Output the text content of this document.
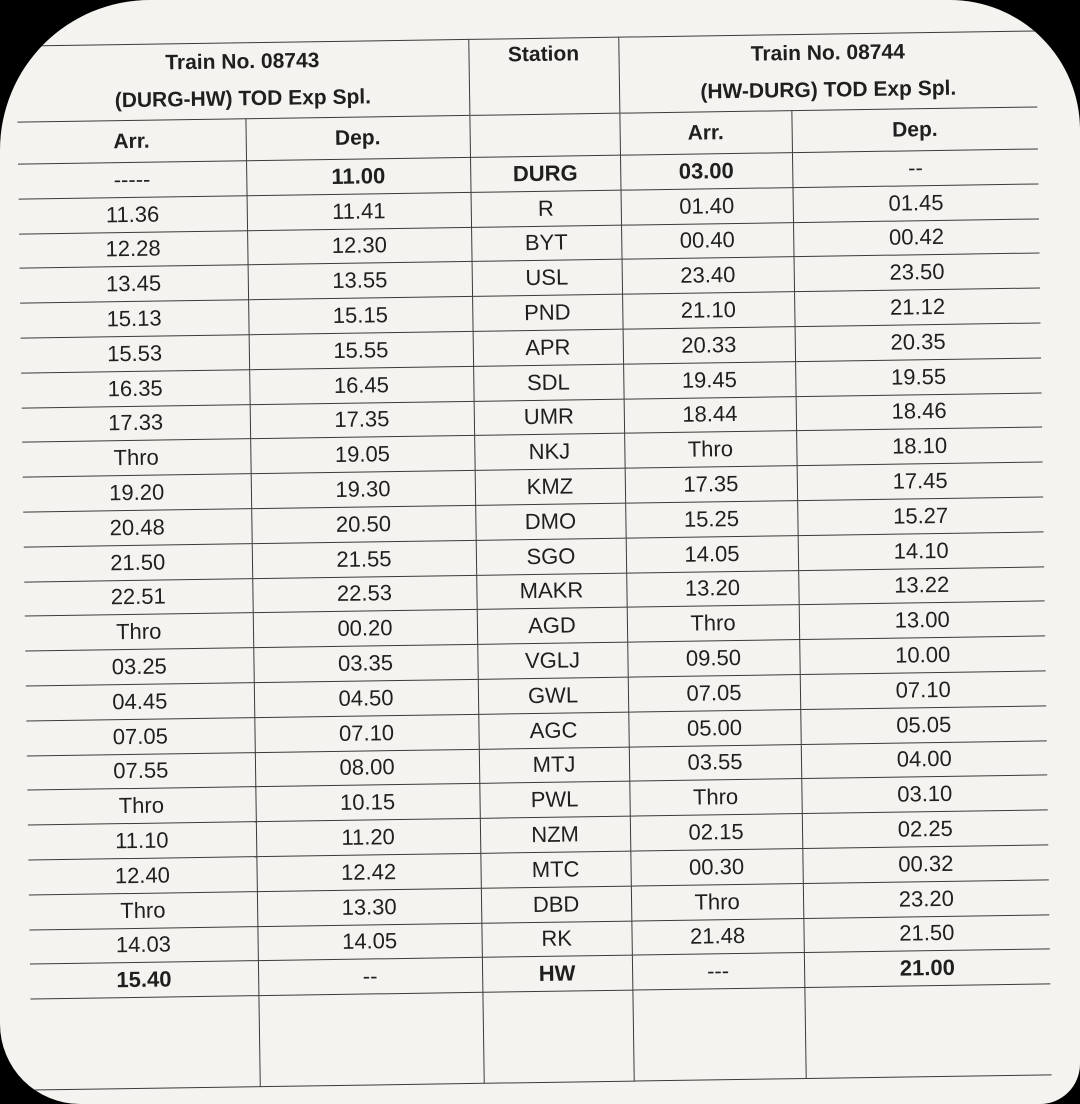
Train No. 08743		Station	Train No. 08744	
(DURG-HW) TOD Exp Spl.			(HW-DURG) TOD Exp Spl.	
Arr.	Dep.		Arr.	Dep.
-----	11.00	DURG	03.00	--
11.36	11.41	R	01.40	01.45
12.28	12.30	BYT	00.40	00.42
13.45	13.55	USL	23.40	23.50
15.13	15.15	PND	21.10	21.12
15.53	15.55	APR	20.33	20.35
16.35	16.45	SDL	19.45	19.55
17.33	17.35	UMR	18.44	18.46
Thro	19.05	NKJ	Thro	18.10
19.20	19.30	KMZ	17.35	17.45
20.48	20.50	DMO	15.25	15.27
21.50	21.55	SGO	14.05	14.10
22.51	22.53	MAKR	13.20	13.22
Thro	00.20	AGD	Thro	13.00
03.25	03.35	VGLJ	09.50	10.00
04.45	04.50	GWL	07.05	07.10
07.05	07.10	AGC	05.00	05.05
07.55	08.00	MTJ	03.55	04.00
Thro	10.15	PWL	Thro	03.10
11.10	11.20	NZM	02.15	02.25
12.40	12.42	MTC	00.30	00.32
Thro	13.30	DBD	Thro	23.20
14.03	14.05	RK	21.48	21.50
15.40	--	HW	---	21.00
